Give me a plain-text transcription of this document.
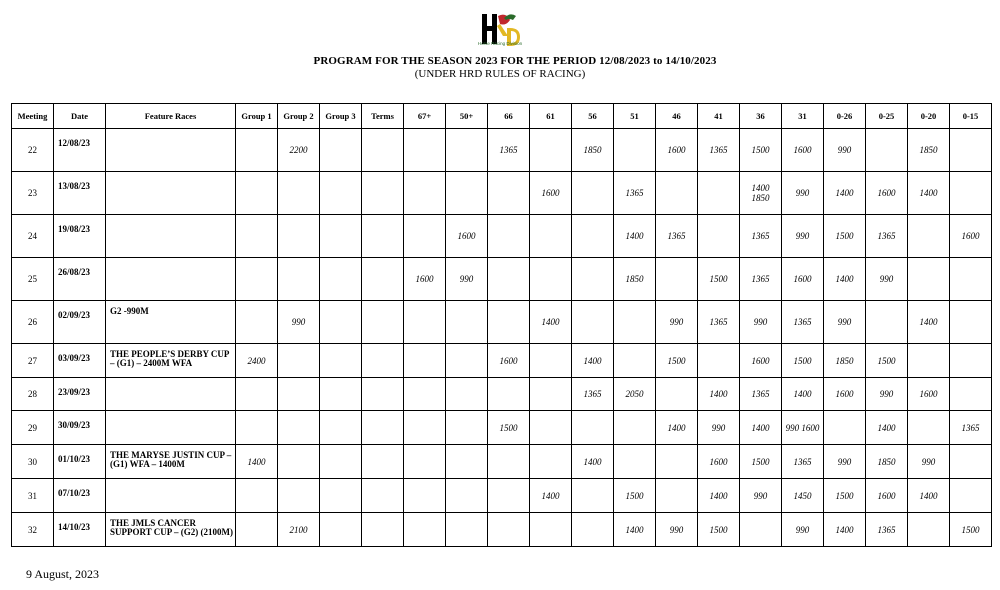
Horse Racing Division
PROGRAM FOR THE SEASON 2023 FOR THE PERIOD 12/08/2023 to 14/10/2023
(UNDER HRD RULES OF RACING)
Meeting	Date	Feature Races	Group 1	Group 2	Group 3	Terms	67+	50+	66	61	56	51	46	41	36	31	0-26	0-25	0-20	0-15
22	12/08/23			2200					1365		1850		1600	1365	1500	1600	990		1850	
23	13/08/23									1600		1365			1400 1850	990	1400	1600	1400	
24	19/08/23							1600				1400	1365		1365	990	1500	1365		1600
25	26/08/23						1600	990				1850		1500	1365	1600	1400	990		
26	02/09/23	G2 -990M		990						1400			990	1365	990	1365	990		1400	
27	03/09/23	THE PEOPLE’S DERBY CUP – (G1) – 2400M WFA	2400						1600		1400		1500		1600	1500	1850	1500		
28	23/09/23										1365	2050		1400	1365	1400	1600	990	1600	
29	30/09/23								1500				1400	990	1400	990 1600		1400		1365
30	01/10/23	THE MARYSE JUSTIN CUP – (G1) WFA – 1400M	1400								1400			1600	1500	1365	990	1850	990	
31	07/10/23									1400		1500		1400	990	1450	1500	1600	1400	
32	14/10/23	THE JMLS CANCER SUPPORT CUP – (G2) (2100M)		2100								1400	990	1500		990	1400	1365		1500
9 August, 2023
